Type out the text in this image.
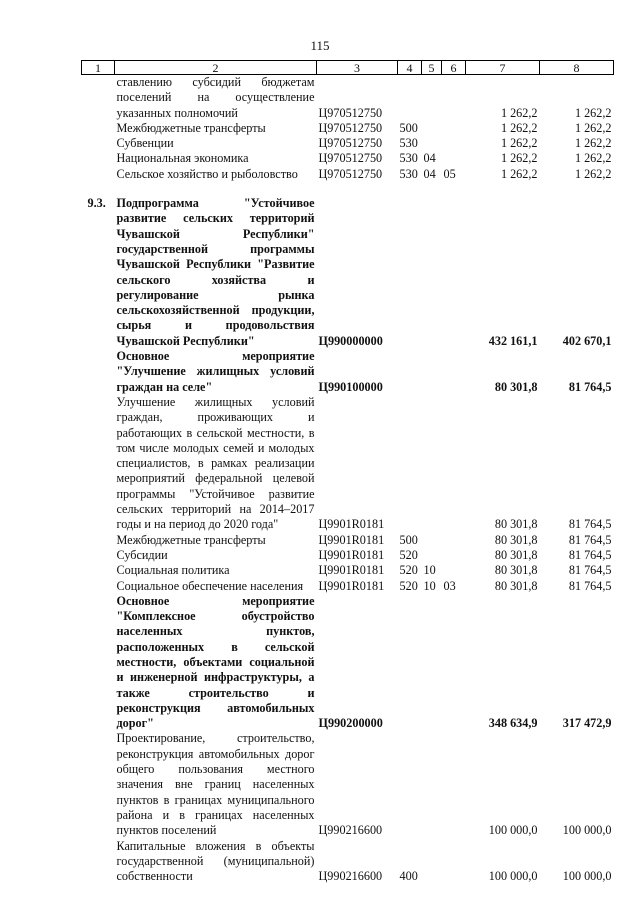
115
1	2	3	4	5	6	7	8
	ставлению субсидий бюджетам поселений на осуществление указанных полномочий	Ц970512750				1 262,2	1 262,2
	Межбюджетные трансферты	Ц970512750	500			1 262,2	1 262,2
	Субвенции	Ц970512750	530			1 262,2	1 262,2
	Национальная экономика	Ц970512750	530	04		1 262,2	1 262,2
	Сельское хозяйство и рыболовство	Ц970512750	530	04	05	1 262,2	1 262,2

9.3.	Подпрограмма "Устойчивое развитие сельских территорий Чувашской Республики" государственной программы Чувашской Республики "Развитие сельского хозяйства и регулирование рынка сельскохозяйственной продукции, сырья и продовольствия Чувашской Республики"	Ц990000000				432 161,1	402 670,1
	Основное мероприятие "Улучшение жилищных условий граждан на селе"	Ц990100000				80 301,8	81 764,5
	Улучшение жилищных условий граждан, проживающих и работающих в сельской местности, в том числе молодых семей и молодых специалистов, в рамках реализации мероприятий федеральной целевой программы "Устойчивое развитие сельских территорий на 2014–2017 годы и на период до 2020 года"	Ц9901R0181				80 301,8	81 764,5
	Межбюджетные трансферты	Ц9901R0181	500			80 301,8	81 764,5
	Субсидии	Ц9901R0181	520			80 301,8	81 764,5
	Социальная политика	Ц9901R0181	520	10		80 301,8	81 764,5
	Социальное обеспечение населения	Ц9901R0181	520	10	03	80 301,8	81 764,5
	Основное мероприятие "Комплексное обустройство населенных пунктов, расположенных в сельской местности, объектами социальной и инженерной инфраструктуры, а также строительство и реконструкция автомобильных дорог"	Ц990200000				348 634,9	317 472,9
	Проектирование, строительство, реконструкция автомобильных дорог общего пользования местного значения вне границ населенных пунктов в границах муниципального района и в границах населенных пунктов поселений	Ц990216600				100 000,0	100 000,0
	Капитальные вложения в объекты государственной (муниципальной) собственности	Ц990216600	400			100 000,0	100 000,0
